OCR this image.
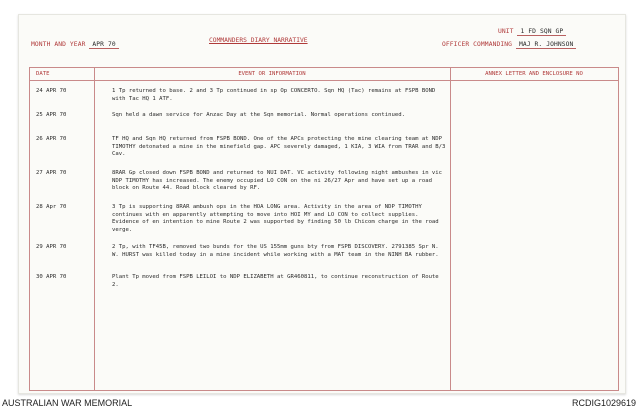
MONTH AND YEAR APR 70
COMMANDERS DIARY NARRATIVE
UNIT 1 FD SQN GP
OFFICER COMMANDING MAJ R. JOHNSON
DATE	EVENT OR INFORMATION	ANNEX LETTER AND ENCLOSURE NO
24 APR 70	1 Tp returned to base. 2 and 3 Tp continued in sp Op CONCERTO. Sqn HQ (Tac) remains at FSPB BOND with Tac HQ 1 ATF.
25 APR 70	Sqn held a dawn service for Anzac Day at the Sqn memorial. Normal operations continued.
26 APR 70	TF HQ and Sqn HQ returned from FSPB BOND. One of the APCs protecting the mine clearing team at NDP TIMOTHY detonated a mine in the minefield gap. APC severely damaged, 1 KIA, 3 WIA from TRAR and B/3 Cav.
27 APR 70	8RAR Gp closed down FSPB BOND and returned to NUI DAT. VC activity following night ambushes in vic NDP TIMOTHY has increased. The enemy occupied LO CON on the ni 26/27 Apr and have set up a road block on Route 44. Road block cleared by RF.
28 Apr 70	3 Tp is supporting 8RAR ambush ops in the HOA LONG area. Activity in the area of NDP TIMOTHY continues with en apparently attempting to move into HOI MY and LO CON to collect supplies. Evidence of en intention to mine Route 2 was supported by finding 50 lb Chicom charge in the road verge.
29 APR 70	2 Tp, with TF45B, removed two bunds for the US 155mm guns bty from FSPB DISCOVERY. 2791385 Spr N. W. HURST was killed today in a mine incident while working with a MAT team in the NINH BA rubber.
30 APR 70	Plant Tp moved from FSPB LEILOI to NDP ELIZABETH at GR460811, to continue reconstruction of Route 2.
AUSTRALIAN WAR MEMORIAL	RCDIG1029619
